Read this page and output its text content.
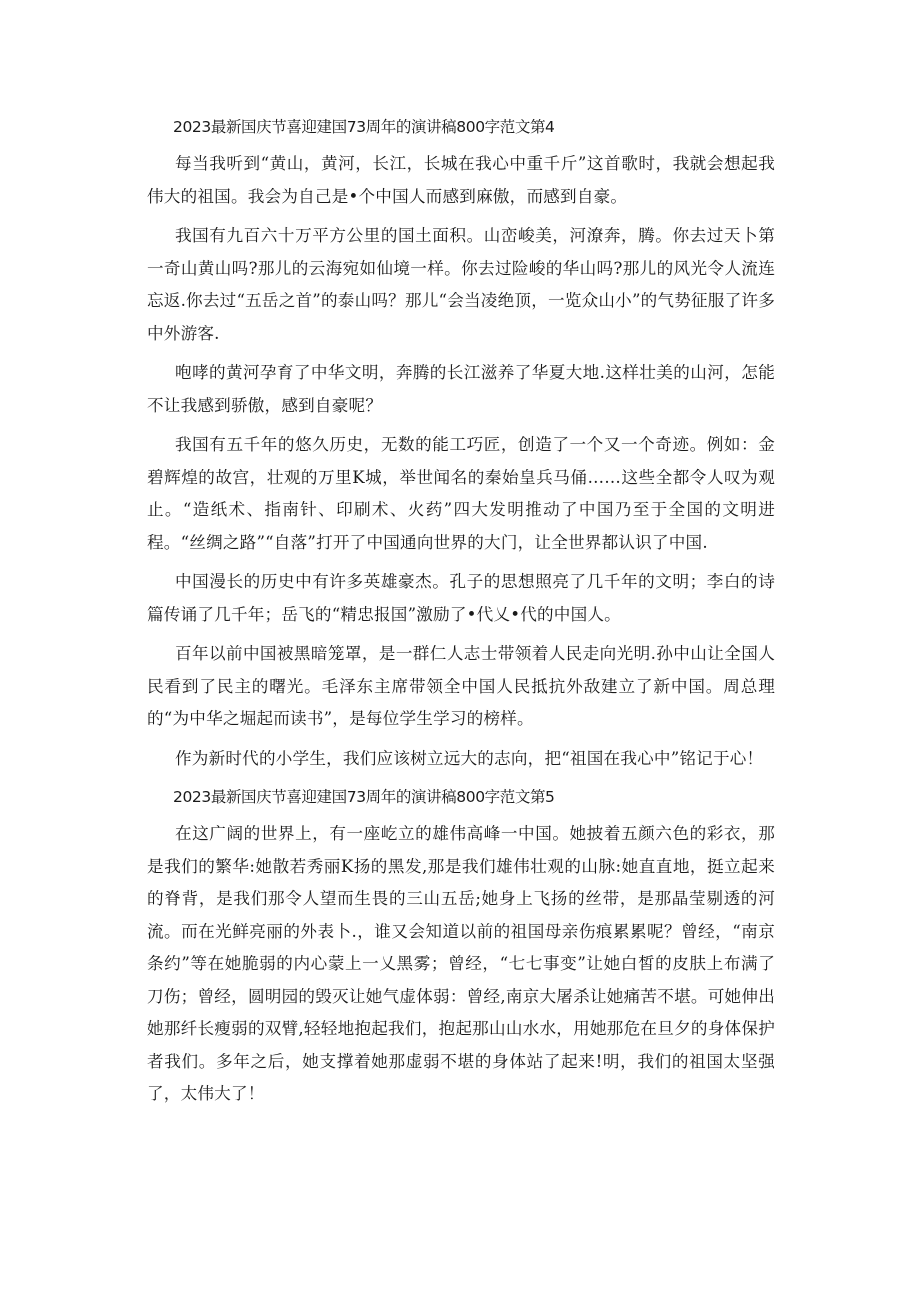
2023最新国庆节喜迎建国73周年的演讲稿800字范文第4

每当我听到“黄山，黄河，长江，长城在我心中重千斤”这首歌时，我就会想起我伟大的祖国。我会为自己是•个中国人而感到麻傲，而感到自豪。

我国有九百六十万平方公里的国土面积。山峦峻美，河潦奔，腾。你去过天卜第一奇山黄山吗?那儿的云海宛如仙境一样。你去过险峻的华山吗?那儿的风光令人流连忘返.你去过“五岳之首”的泰山吗？那儿“会当凌绝顶，一览众山小”的气势征服了许多中外游客.

咆哮的黄河孕育了中华文明，奔腾的长江滋养了华夏大地.这样壮美的山河，怎能不让我感到骄傲，感到自豪呢？

我国有五千年的悠久历史，无数的能工巧匠，创造了一个又一个奇迹。例如：金碧辉煌的故宫，壮观的万里K城，举世闻名的秦始皇兵马俑……这些全都令人叹为观止。“造纸术、指南针、印刷术、火药”四大发明推动了中国乃至于全国的文明进程。“丝绸之路”“自落”打开了中国通向世界的大门，让全世界都认识了中国.

中国漫长的历史中有许多英雄豪杰。孔子的思想照亮了几千年的文明；李白的诗篇传诵了几千年；岳飞的“精忠报国”激励了•代乂•代的中国人。

百年以前中国被黑暗笼罩，是一群仁人志士带领着人民走向光明.孙中山让全国人民看到了民主的曙光。毛泽东主席带领全中国人民抵抗外敌建立了新中国。周总理的“为中华之堀起而读书”，是每位学生学习的榜样。

作为新时代的小学生，我们应该树立远大的志向，把“祖国在我心中”铭记于心！

2023最新国庆节喜迎建国73周年的演讲稿800字范文第5

在这广阔的世界上，有一座屹立的雄伟高峰一中国。她披着五颜六色的彩衣，那是我们的繁华:她散若秀丽K扬的黑发,那是我们雄伟壮观的山脉:她直直地，挺立起来的脊背，是我们那令人望而生畏的三山五岳;她身上飞扬的丝带，是那晶莹剔透的河流。而在光鲜亮丽的外表卜.，谁又会知道以前的祖国母亲伤痕累累呢？曾经，“南京条约”等在她脆弱的内心蒙上一乂黑雾；曾经，“七七事变”让她白皙的皮肤上布满了刀伤；曾经，圆明园的毁灭让她气虚体弱：曾经,南京大屠杀让她痛苦不堪。可她伸出她那纤长瘦弱的双臂,轻轻地抱起我们，抱起那山山水水，用她那危在旦夕的身体保护者我们。多年之后，她支撑着她那虚弱不堪的身体站了起来!明，我们的祖国太坚强了，太伟大了！
